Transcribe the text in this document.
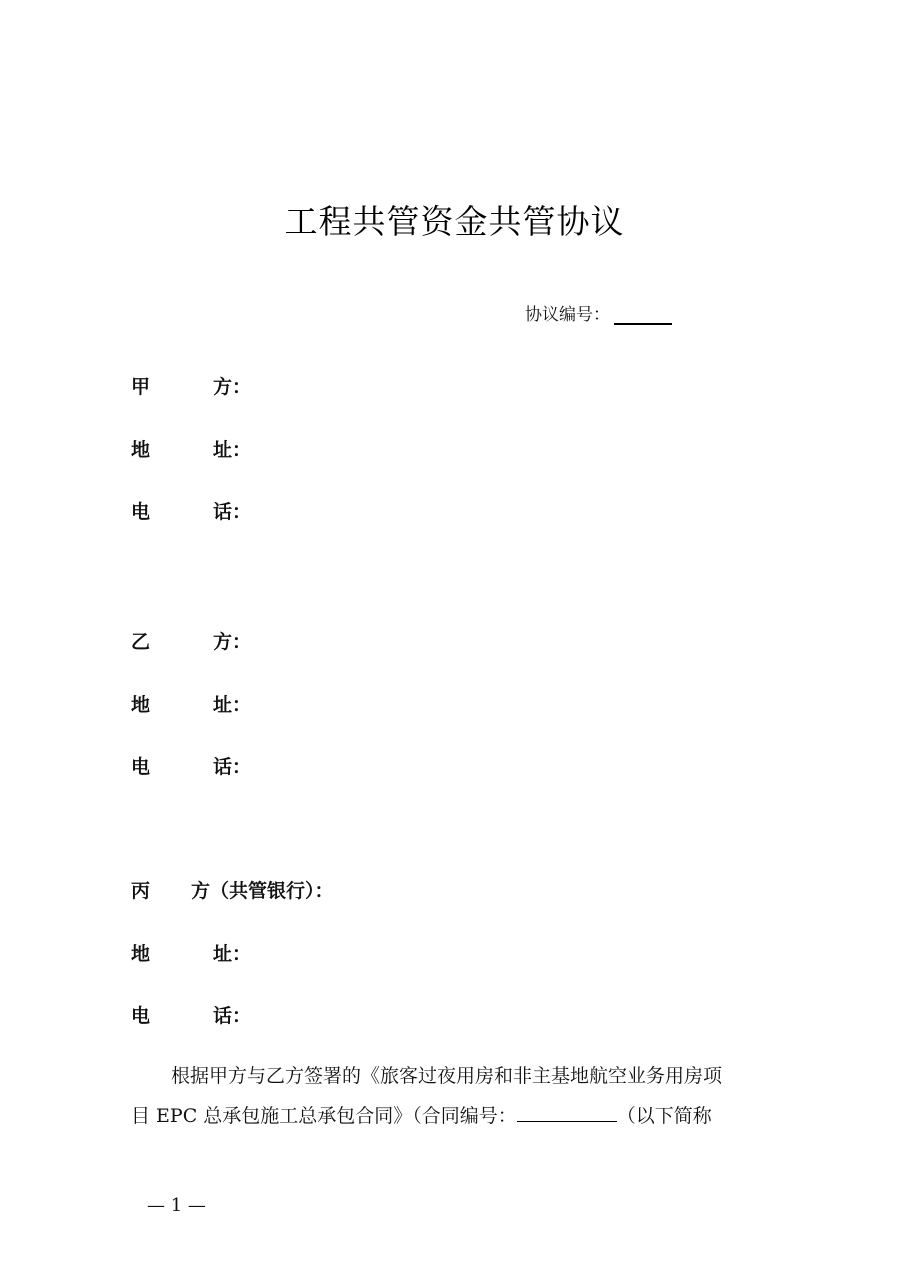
工程共管资金共管协议
协议编号：
甲	方：
地	址：
电	话：
乙	方：
地	址：
电	话：
丙 方（共管银行）：
地	址：
电	话：
根据甲方与乙方签署的《旅客过夜用房和非主基地航空业务用房项
目 EPC 总承包施工总承包合同》（合同编号：	（以下简称
— 1 —
